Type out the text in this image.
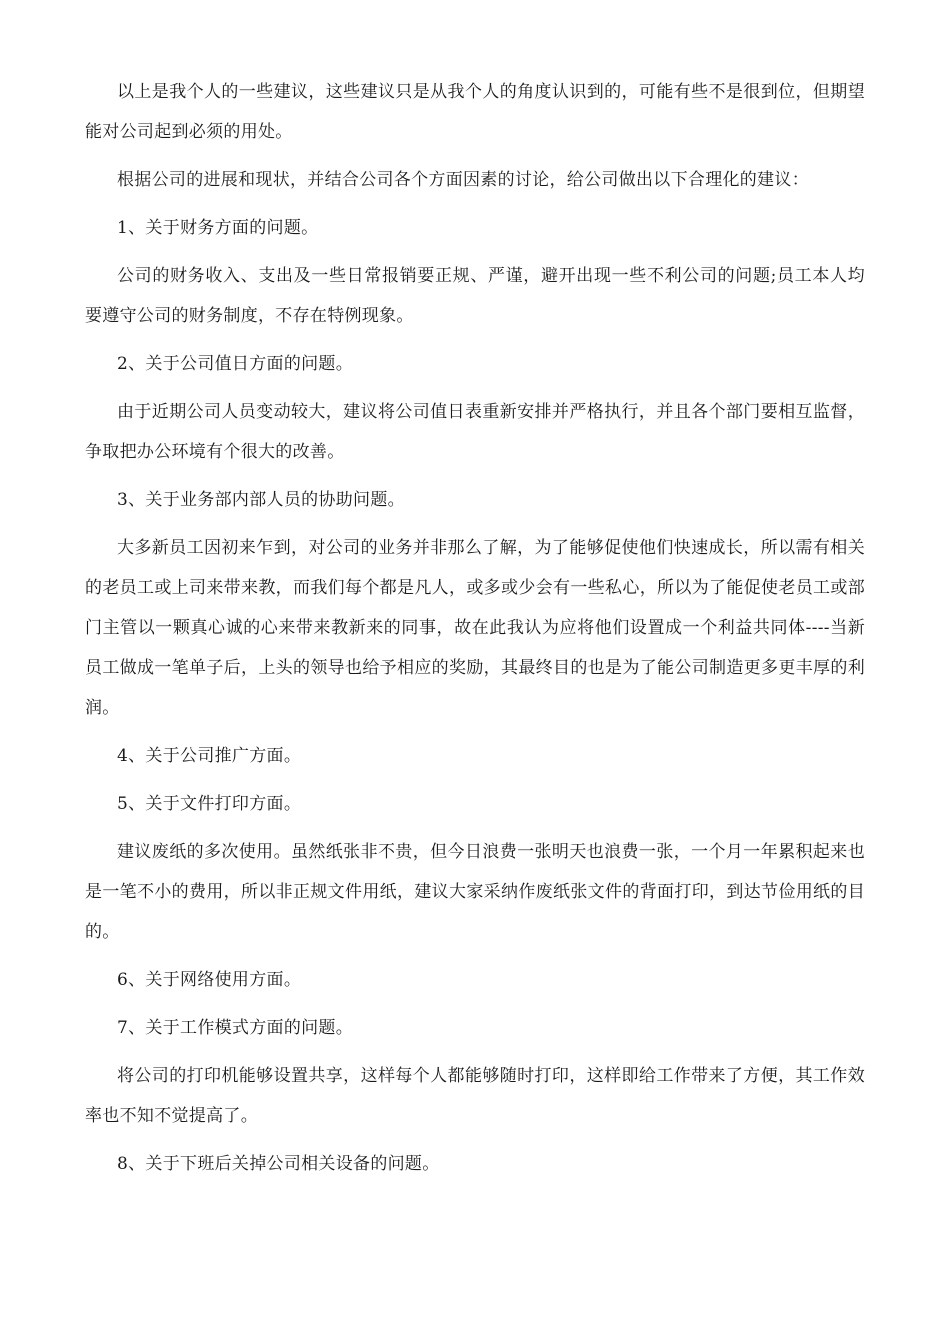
以上是我个人的一些建议，这些建议只是从我个人的角度认识到的，可能有些不是很到位，但期望能对公司起到必须的用处。

根据公司的进展和现状，并结合公司各个方面因素的讨论，给公司做出以下合理化的建议：

1、关于财务方面的问题。

公司的财务收入、支出及一些日常报销要正规、严谨，避开出现一些不利公司的问题;员工本人均要遵守公司的财务制度，不存在特例现象。

2、关于公司值日方面的问题。

由于近期公司人员变动较大，建议将公司值日表重新安排并严格执行，并且各个部门要相互监督，争取把办公环境有个很大的改善。

3、关于业务部内部人员的协助问题。

大多新员工因初来乍到，对公司的业务并非那么了解，为了能够促使他们快速成长，所以需有相关的老员工或上司来带来教，而我们每个都是凡人，或多或少会有一些私心，所以为了能促使老员工或部门主管以一颗真心诚的心来带来教新来的同事，故在此我认为应将他们设置成一个利益共同体----当新员工做成一笔单子后，上头的领导也给予相应的奖励，其最终目的也是为了能公司制造更多更丰厚的利润。

4、关于公司推广方面。

5、关于文件打印方面。

建议废纸的多次使用。虽然纸张非不贵，但今日浪费一张明天也浪费一张，一个月一年累积起来也是一笔不小的费用，所以非正规文件用纸，建议大家采纳作废纸张文件的背面打印，到达节俭用纸的目的。

6、关于网络使用方面。

7、关于工作模式方面的问题。

将公司的打印机能够设置共享，这样每个人都能够随时打印，这样即给工作带来了方便，其工作效率也不知不觉提高了。

8、关于下班后关掉公司相关设备的问题。
